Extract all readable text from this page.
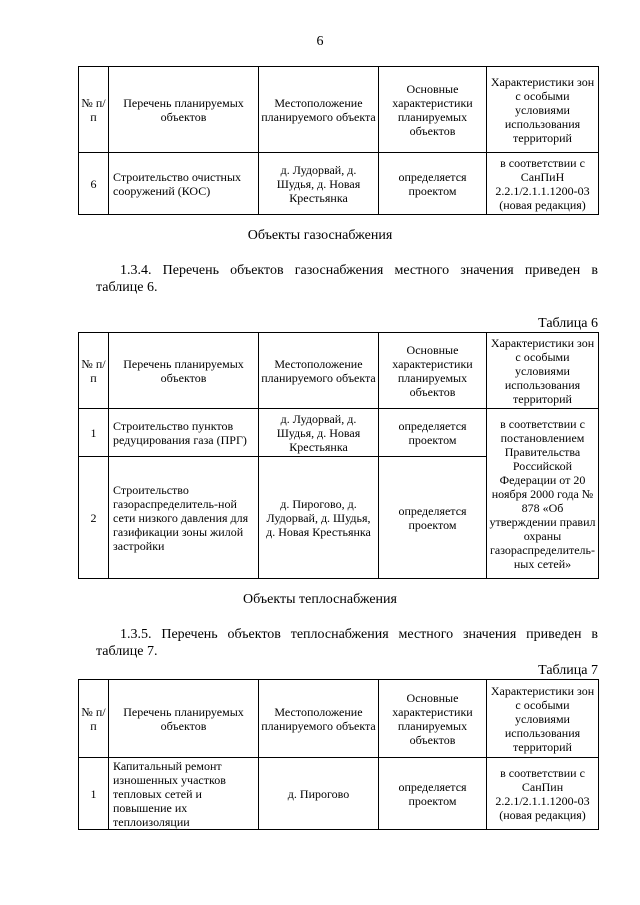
6
№ п/п	Перечень планируемых объектов	Местоположение планируемого объекта	Основные характеристики планируемых объектов	Характеристики зон с особыми условиями использования территорий
6	Строительство очистных сооружений (КОС)	д. Лудорвай, д. Шудья, д. Новая Крестьянка	определяется проектом	в соответствии с СанПиН 2.2.1/2.1.1.1200-03 (новая редакция)
Объекты газоснабжения
1.3.4. Перечень объектов газоснабжения местного значения приведен в
таблице 6.
Таблица 6
№ п/п	Перечень планируемых объектов	Местоположение планируемого объекта	Основные характеристики планируемых объектов	Характеристики зон с особыми условиями использования территорий
1	Строительство пунктов редуцирования газа (ПРГ)	д. Лудорвай, д. Шудья, д. Новая Крестьянка	определяется проектом	в соответствии с постановлением Правительства Российской Федерации от 20 ноября 2000 года № 878 «Об утверждении правил охраны газораспределитель-ных сетей»
2	Строительство газораспределитель-ной сети низкого давления для газификации зоны жилой застройки	д. Пирогово, д. Лудорвай, д. Шудья, д. Новая Крестьянка	определяется проектом	
Объекты теплоснабжения
1.3.5. Перечень объектов теплоснабжения местного значения приведен в
таблице 7.
Таблица 7
№ п/п	Перечень планируемых объектов	Местоположение планируемого объекта	Основные характеристики планируемых объектов	Характеристики зон с особыми условиями использования территорий
1	Капитальный ремонт изношенных участков тепловых сетей и повышение их теплоизоляции	д. Пирогово	определяется проектом	в соответствии с СанПин 2.2.1/2.1.1.1200-03 (новая редакция)
